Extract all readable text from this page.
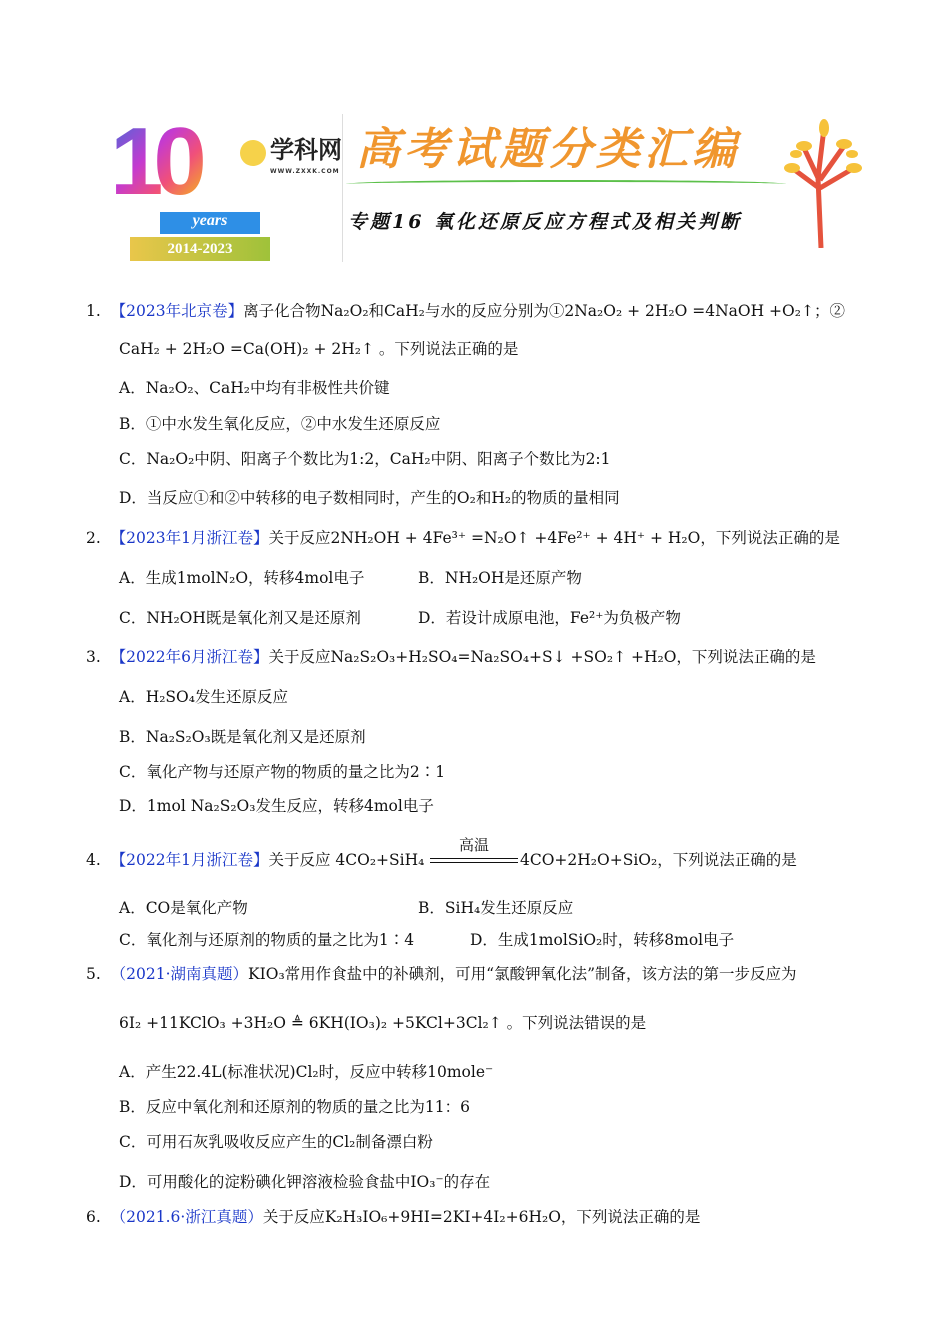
10	学科网
WWW.ZXXK.COM
years
2014-2023
高考试题分类汇编
专题16 氧化还原反应方程式及相关判断
1. 【2023年北京卷】离子化合物Na₂O₂和CaH₂与水的反应分别为①2Na₂O₂ + 2H₂O =4NaOH +O₂↑；②
CaH₂ + 2H₂O =Ca(OH)₂ + 2H₂↑ 。下列说法正确的是
A．Na₂O₂、CaH₂中均有非极性共价键
B．①中水发生氧化反应，②中水发生还原反应
C．Na₂O₂中阴、阳离子个数比为1:2，CaH₂中阴、阳离子个数比为2:1
D．当反应①和②中转移的电子数相同时，产生的O₂和H₂的物质的量相同
2. 【2023年1月浙江卷】关于反应2NH₂OH + 4Fe³⁺ =N₂O↑ +4Fe²⁺ + 4H⁺ + H₂O，下列说法正确的是
A．生成1molN₂O，转移4mol电子	B．NH₂OH是还原产物
C．NH₂OH既是氧化剂又是还原剂	D．若设计成原电池，Fe²⁺为负极产物
3. 【2022年6月浙江卷】关于反应Na₂S₂O₃+H₂SO₄=Na₂SO₄+S↓ +SO₂↑ +H₂O，下列说法正确的是
A．H₂SO₄发生还原反应
B．Na₂S₂O₃既是氧化剂又是还原剂
C．氧化产物与还原产物的物质的量之比为2∶1
D．1mol Na₂S₂O₃发生反应，转移4mol电子
4. 【2022年1月浙江卷】关于反应 4CO₂+SiH₄
高温
4CO+2H₂O+SiO₂，下列说法正确的是
A．CO是氧化产物	B．SiH₄发生还原反应
C．氧化剂与还原剂的物质的量之比为1∶4	D．生成1molSiO₂时，转移8mol电子
5. （2021·湖南真题）KIO₃常用作食盐中的补碘剂，可用“氯酸钾氧化法”制备，该方法的第一步反应为
6I₂ +11KClO₃ +3H₂O ≜ 6KH(IO₃)₂ +5KCl+3Cl₂↑ 。下列说法错误的是
A．产生22.4L(标准状况)Cl₂时，反应中转移10mole⁻
B．反应中氧化剂和还原剂的物质的量之比为11：6
C．可用石灰乳吸收反应产生的Cl₂制备漂白粉
D．可用酸化的淀粉碘化钾溶液检验食盐中IO₃⁻的存在
6. （2021.6·浙江真题）关于反应K₂H₃IO₆+9HI=2KI+4I₂+6H₂O，下列说法正确的是
